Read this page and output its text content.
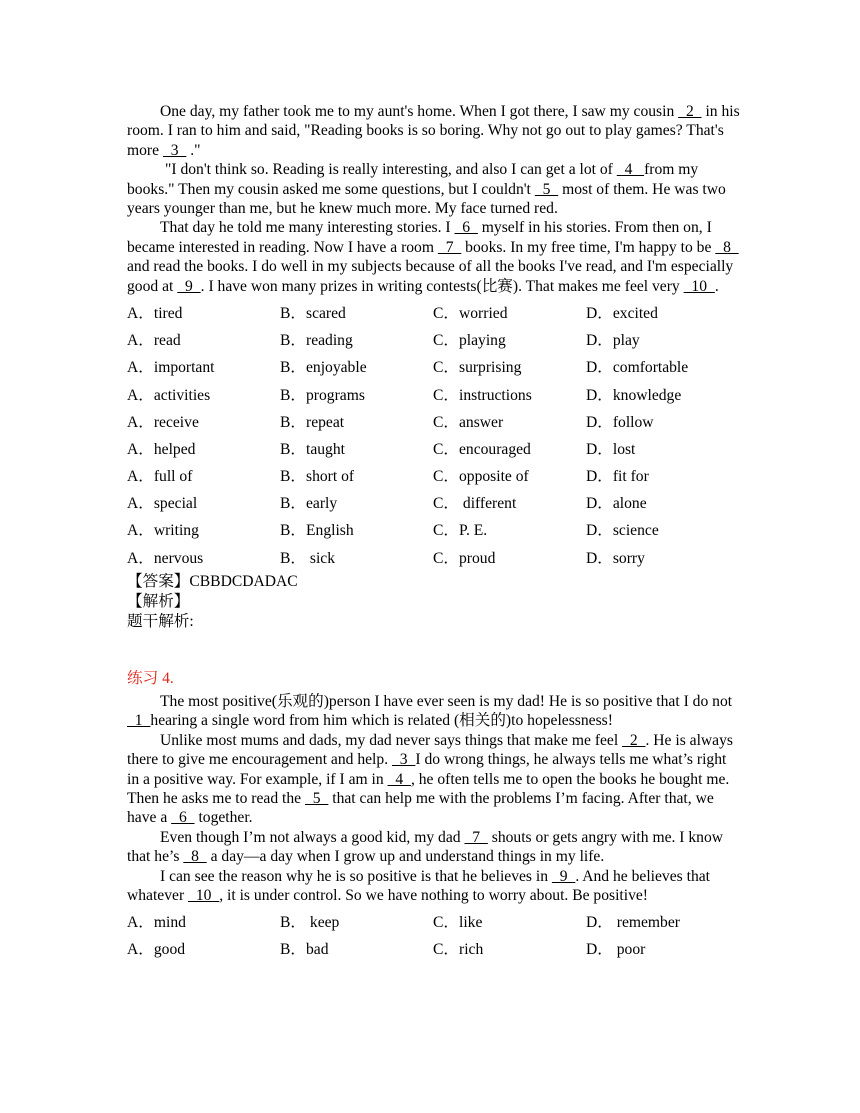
One day, my father took me to my aunt's home. When I got there, I saw my cousin   2   in his room. I ran to him and said, "Reading books is so boring. Why not go out to play games? That's more   3   ."

"I don't think so. Reading is really interesting, and also I can get a lot of   4   from my books." Then my cousin asked me some questions, but I couldn't   5   most of them. He was two years younger than me, but he knew much more. My face turned red.

That day he told me many interesting stories. I   6   myself in his stories. From then on, I became interested in reading. Now I have a room   7   books. In my free time, I'm happy to be   8   and read the books. I do well in my subjects because of all the books I've read, and I'm especially good at   9  . I have won many prizes in writing contests(比赛). That makes me feel very   10  .

A．tired	B．scared	C．worried	D．excited
A．read	B．reading	C．playing	D．play
A．important	B．enjoyable	C．surprising	D．comfortable
A．activities	B．programs	C．instructions	D．knowledge
A．receive	B．repeat	C．answer	D．follow
A．helped	B．taught	C．encouraged	D．lost
A．full of	B．short of	C．opposite of	D．fit for
A．special	B．early	C． different	D．alone
A．writing	B．English	C．P. E.	D．science
A．nervous	B． sick	C．proud	D．sorry

【答案】CBBDCDADAC

【解析】

题干解析:

练习 4.

The most positive(乐观的)person I have ever seen is my dad! He is so positive that I do not   1  hearing a single word from him which is related (相关的)to hopelessness!

Unlike most mums and dads, my dad never says things that make me feel   2  . He is always there to give me encouragement and help.   3  I do wrong things, he always tells me what’s right in a positive way. For example, if I am in   4  , he often tells me to open the books he bought me. Then he asks me to read the   5   that can help me with the problems I’m facing. After that, we have a   6   together.

Even though I’m not always a good kid, my dad   7   shouts or gets angry with me. I know that he’s   8   a day—a day when I grow up and understand things in my life.

I can see the reason why he is so positive is that he believes in   9  . And he believes that whatever   10  , it is under control. So we have nothing to worry about. Be positive!

A．mind	B． keep	C．like	D． remember
A．good	B．bad	C．rich	D． poor
